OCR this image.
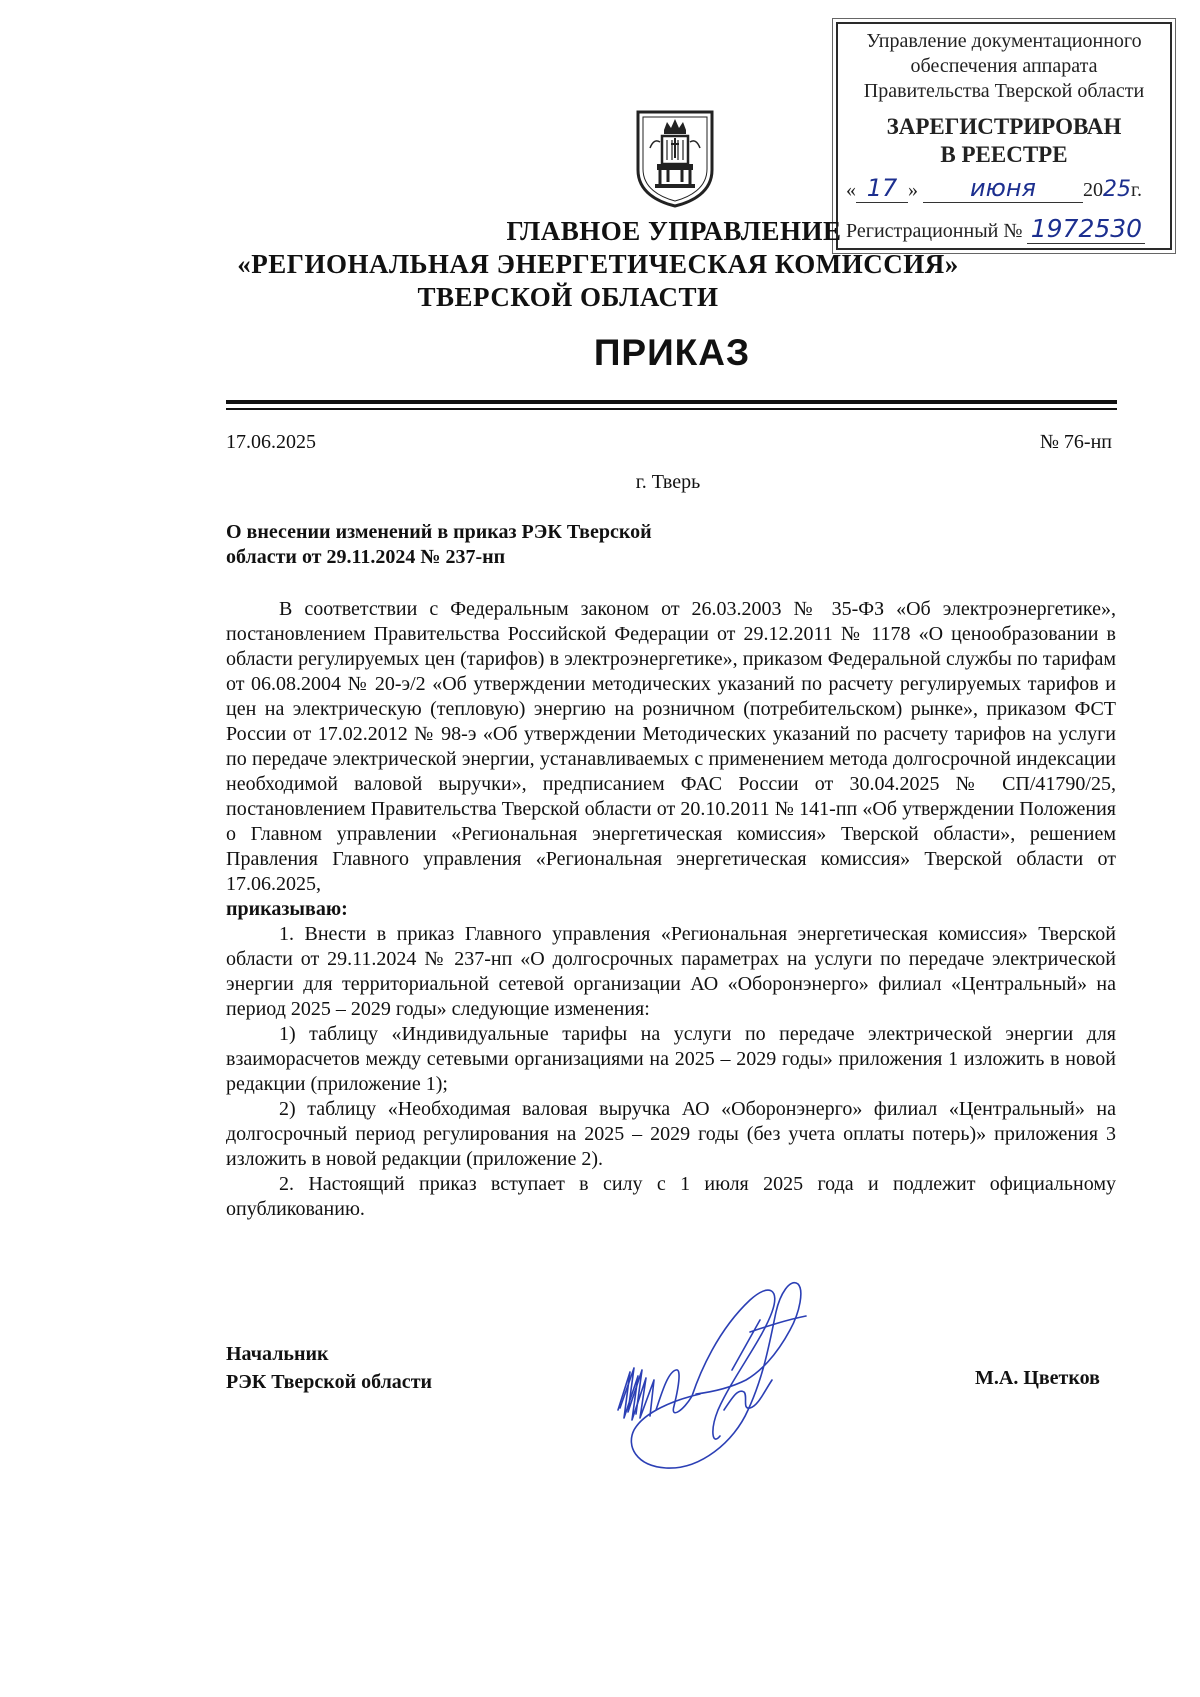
Управление документационного
обеспечения аппарата
Правительства Тверской области
ЗАРЕГИСТРИРОВАН
В РЕЕСТРЕ
« 17 » июня 2025г.
Регистрационный № 1972530
ГЛАВНОЕ УПРАВЛЕНИЕ
«РЕГИОНАЛЬНАЯ ЭНЕРГЕТИЧЕСКАЯ КОМИССИЯ»
ТВЕРСКОЙ ОБЛАСТИ
ПРИКАЗ
17.06.2025	№ 76-нп
г. Тверь
О внесении изменений в приказ РЭК Тверской
области от 29.11.2024 № 237-нп

В соответствии с Федеральным законом от 26.03.2003 № 35-ФЗ «Об электроэнергетике», постановлением Правительства Российской Федерации от 29.12.2011 № 1178 «О ценообразовании в области регулируемых цен (тарифов) в электроэнергетике», приказом Федеральной службы по тарифам от 06.08.2004 № 20-э/2 «Об утверждении методических указаний по расчету регулируемых тарифов и цен на электрическую (тепловую) энергию на розничном (потребительском) рынке», приказом ФСТ России от 17.02.2012 № 98-э «Об утверждении Методических указаний по расчету тарифов на услуги по передаче электрической энергии, устанавливаемых с применением метода долгосрочной индексации необходимой валовой выручки», предписанием ФАС России от 30.04.2025 № СП/41790/25, постановлением Правительства Тверской области от 20.10.2011 № 141-пп «Об утверждении Положения о Главном управлении «Региональная энергетическая комиссия» Тверской области», решением Правления Главного управления «Региональная энергетическая комиссия» Тверской области от 17.06.2025,

приказываю:

1. Внести в приказ Главного управления «Региональная энергетическая комиссия» Тверской области от 29.11.2024 № 237-нп «О долгосрочных параметрах на услуги по передаче электрической энергии для территориальной сетевой организации АО «Оборонэнерго» филиал «Центральный» на период 2025 – 2029 годы» следующие изменения:

1) таблицу «Индивидуальные тарифы на услуги по передаче электрической энергии для взаиморасчетов между сетевыми организациями на 2025 – 2029 годы» приложения 1 изложить в новой редакции (приложение 1);

2) таблицу «Необходимая валовая выручка АО «Оборонэнерго» филиал «Центральный» на долгосрочный период регулирования на 2025 – 2029 годы (без учета оплаты потерь)» приложения 3 изложить в новой редакции (приложение 2).

2. Настоящий приказ вступает в силу с 1 июля 2025 года и подлежит официальному опубликованию.

Начальник
РЭК Тверской области	М.А. Цветков
